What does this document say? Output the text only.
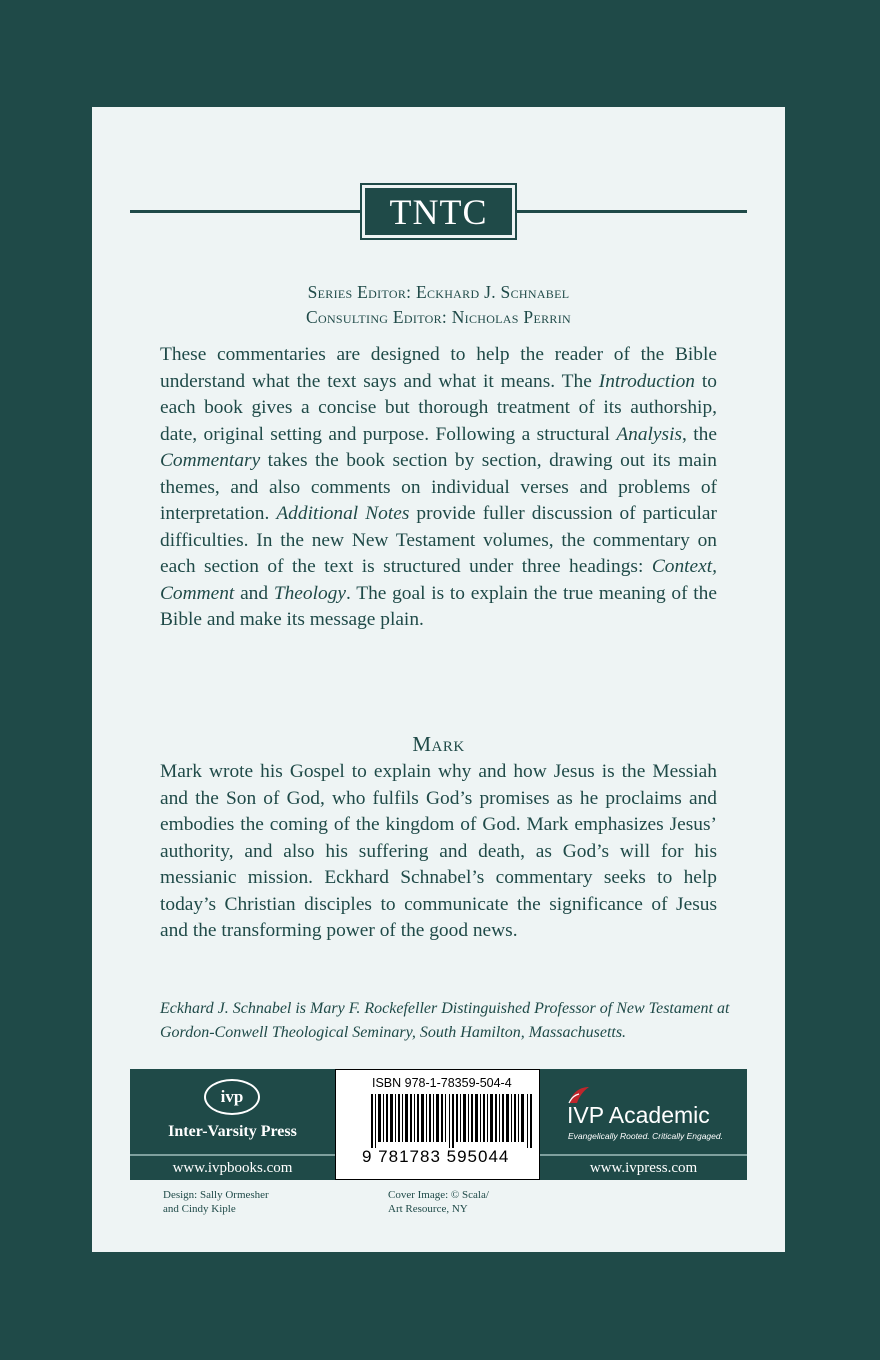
TNTC
Series Editor: Eckhard J. Schnabel
Consulting Editor: Nicholas Perrin
These commentaries are designed to help the reader of the Bible understand what the text says and what it means. The Introduction to each book gives a concise but thorough treatment of its authorship, date, original setting and purpose. Following a structural Analysis, the Commentary takes the book section by section, drawing out its main themes, and also comments on individual verses and problems of interpretation. Additional Notes provide fuller discussion of particular difficulties. In the new New Testament volumes, the commentary on each section of the text is structured under three headings: Context, Comment and Theology. The goal is to explain the true meaning of the Bible and make its message plain.
Mark
Mark wrote his Gospel to explain why and how Jesus is the Messiah and the Son of God, who fulfils God’s promises as he proclaims and embodies the coming of the kingdom of God. Mark emphasizes Jesus’ authority, and also his suffering and death, as God’s will for his messianic mission. Eckhard Schnabel’s commentary seeks to help today’s Christian disciples to communicate the significance of Jesus and the transforming power of the good news.
Eckhard J. Schnabel is Mary F. Rockefeller Distinguished Professor of New Testament at Gordon-Conwell Theological Seminary, South Hamilton, Massachusetts.
ivp
Inter-Varsity Press
www.ivpbooks.com
ISBN 978-1-78359-504-4
9 781783 595044
IVP Academic
Evangelically Rooted. Critically Engaged.
www.ivpress.com
Design: Sally Ormesher
and Cindy Kiple
Cover Image: © Scala/
Art Resource, NY
